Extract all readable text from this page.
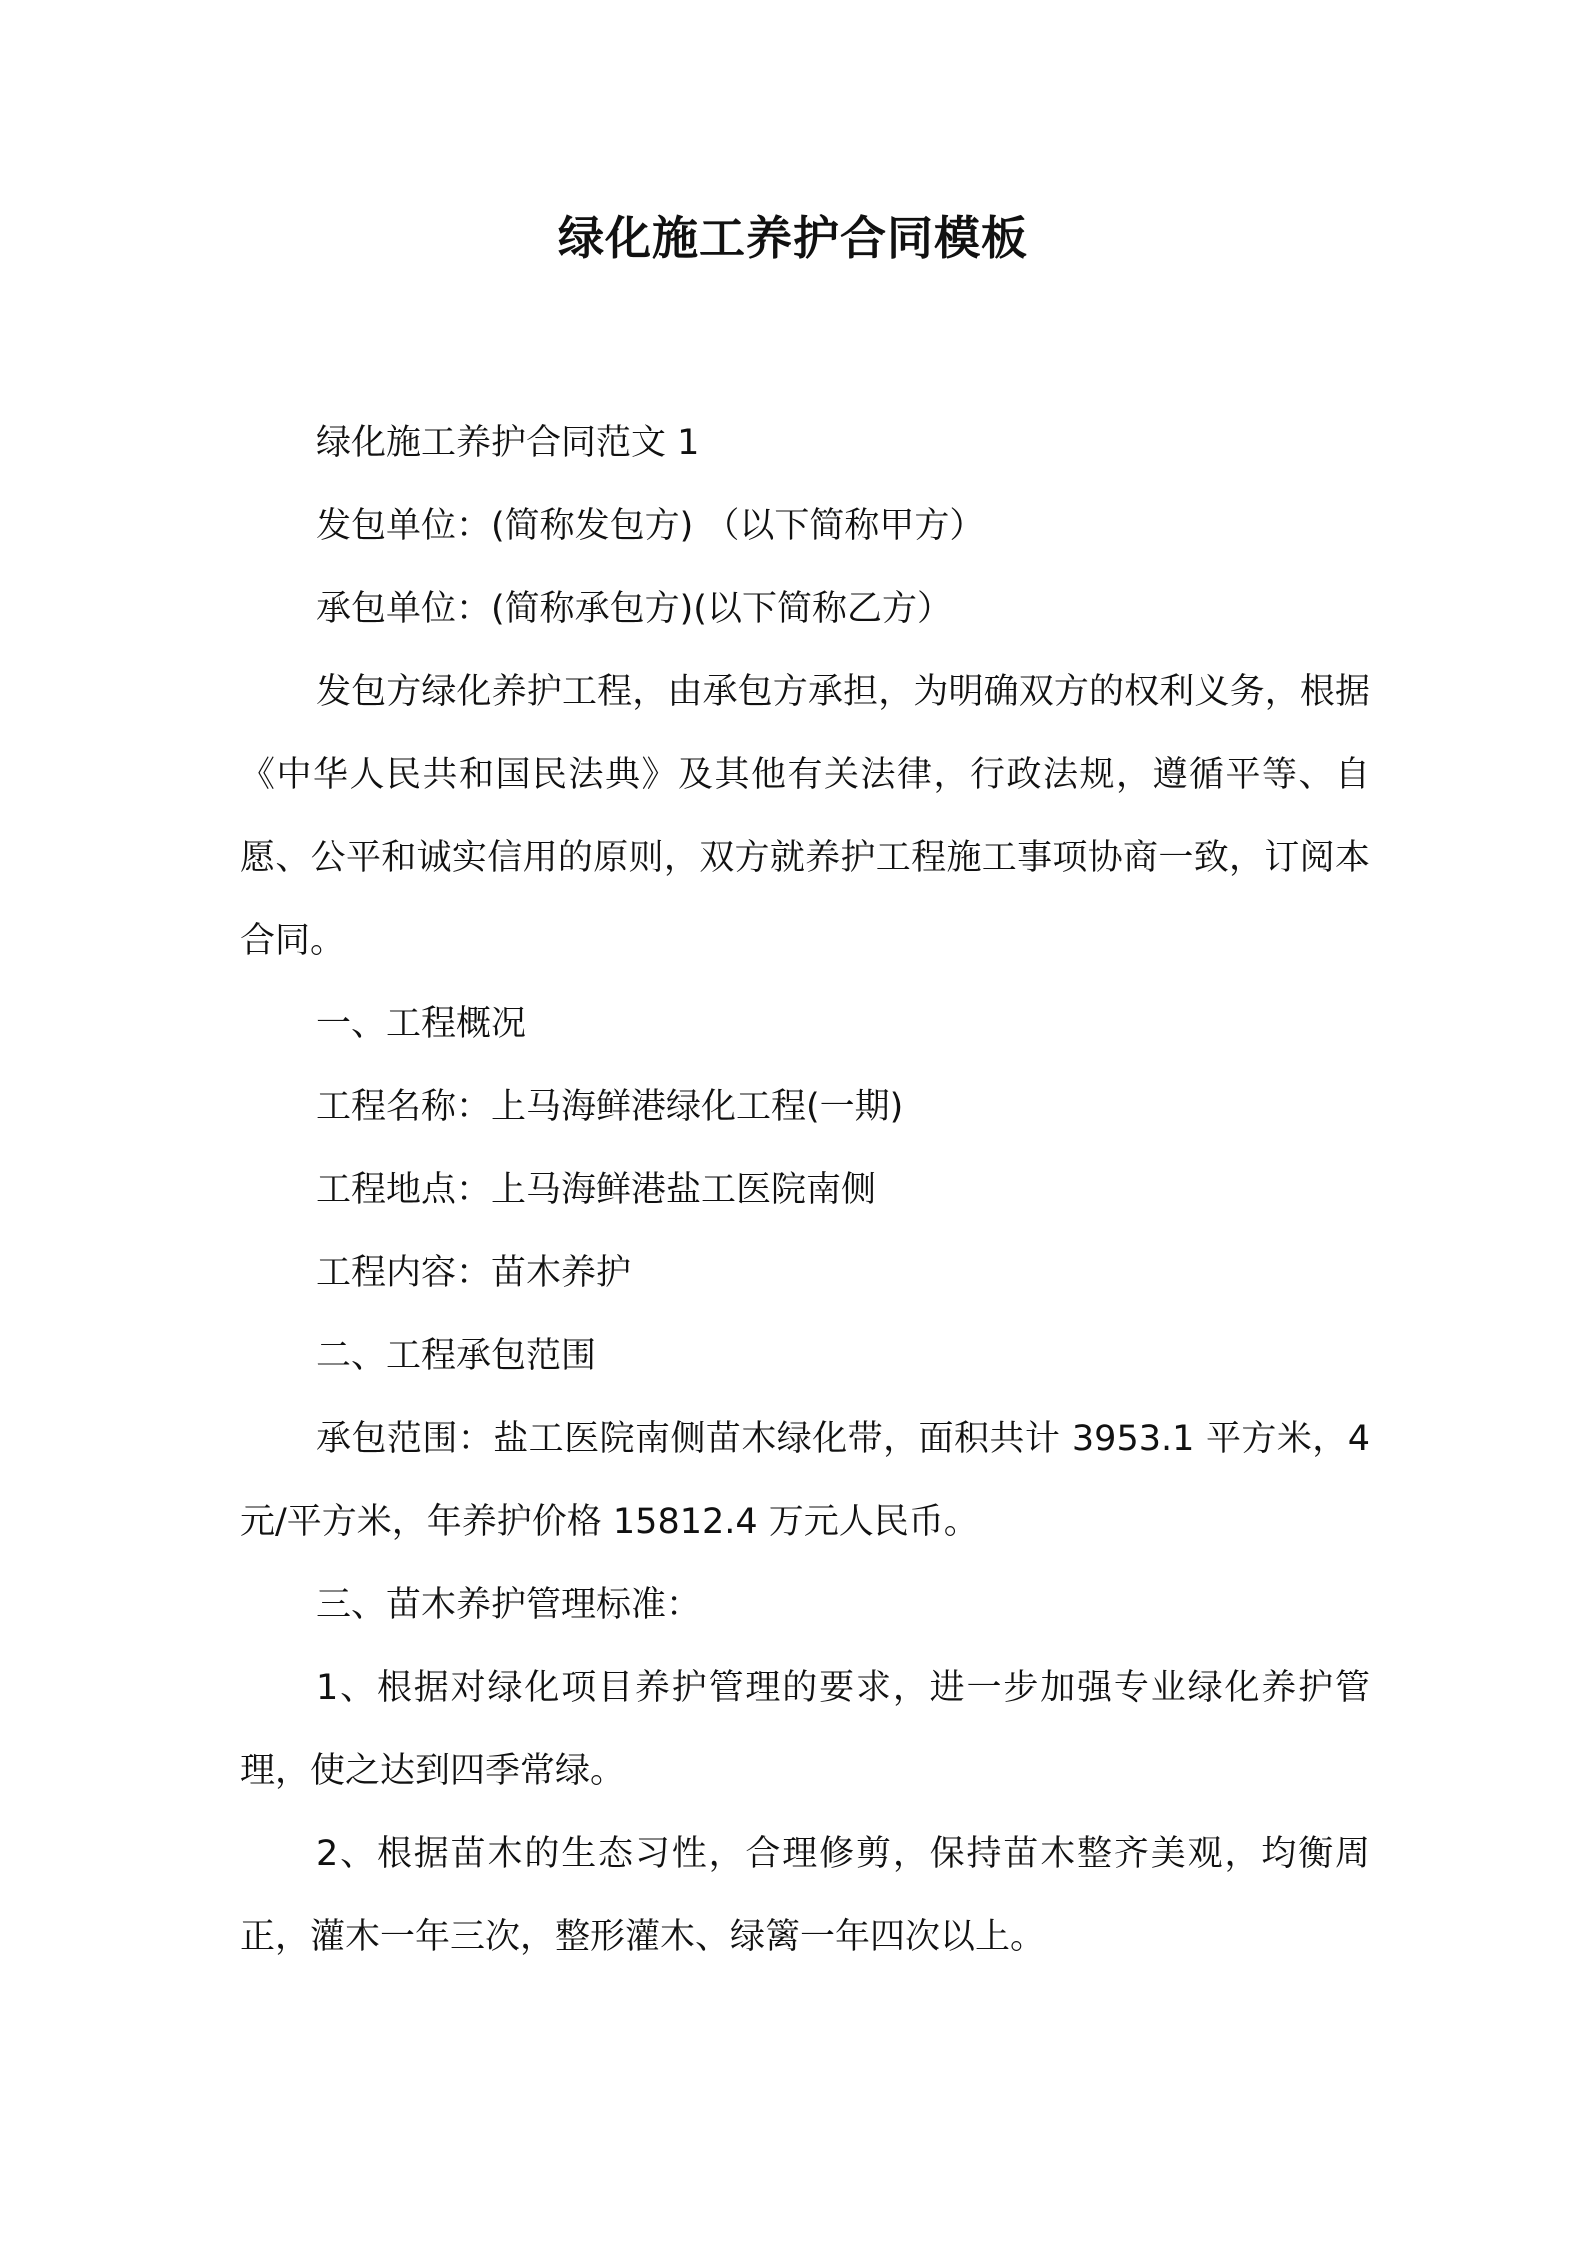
绿化施工养护合同模板

绿化施工养护合同范文 1

发包单位：(简称发包方) （以下简称甲方）

承包单位：(简称承包方)(以下简称乙方）

发包方绿化养护工程，由承包方承担，为明确双方的权利义务，根据《中华人民共和国民法典》及其他有关法律，行政法规，遵循平等、自愿、公平和诚实信用的原则，双方就养护工程施工事项协商一致，订阅本合同。

一、工程概况

工程名称：上马海鲜港绿化工程(一期)

工程地点：上马海鲜港盐工医院南侧

工程内容：苗木养护

二、工程承包范围

承包范围：盐工医院南侧苗木绿化带，面积共计 3953.1 平方米，4 元/平方米，年养护价格 15812.4 万元人民币。

三、苗木养护管理标准：

1、根据对绿化项目养护管理的要求，进一步加强专业绿化养护管理，使之达到四季常绿。

2、根据苗木的生态习性，合理修剪，保持苗木整齐美观，均衡周正，灌木一年三次，整形灌木、绿篱一年四次以上。
